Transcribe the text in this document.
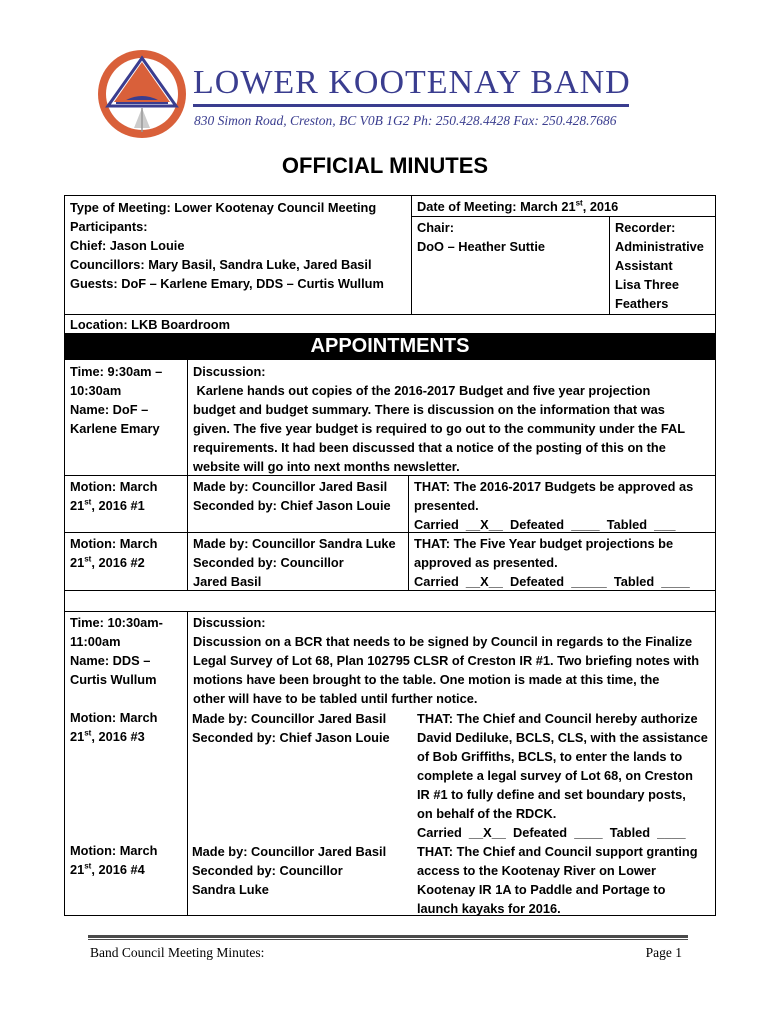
LOWER KOOTENAY BAND
830 Simon Road, Creston, BC V0B 1G2 Ph: 250.428.4428 Fax: 250.428.7686
OFFICIAL MINUTES
Type of Meeting: Lower Kootenay Council Meeting
Participants:
Chief: Jason Louie
Councillors: Mary Basil, Sandra Luke, Jared Basil
Guests: DoF – Karlene Emary, DDS – Curtis Wullum
Date of Meeting: March 21st, 2016
Chair:
DoO – Heather Suttie
Recorder:
Administrative
Assistant
Lisa Three
Feathers
Location: LKB Boardroom
APPOINTMENTS
Time: 9:30am –
10:30am
Name: DoF –
Karlene Emary
Discussion:
Karlene hands out copies of the 2016-2017 Budget and five year projection
budget and budget summary. There is discussion on the information that was
given. The five year budget is required to go out to the community under the FAL
requirements. It had been discussed that a notice of the posting of this on the
website will go into next months newsletter.
Motion: March
21st, 2016 #1
Made by: Councillor Jared Basil
Seconded by: Chief Jason Louie
THAT: The 2016-2017 Budgets be approved as
presented.
Carried  __X__  Defeated  ____  Tabled  ___
Motion: March
21st, 2016 #2
Made by: Councillor Sandra Luke
Seconded by: Councillor
Jared Basil
THAT: The Five Year budget projections be
approved as presented.
Carried  __X__  Defeated  _____  Tabled  ____
Time: 10:30am-
11:00am
Name: DDS –
Curtis Wullum
Motion: March
21st, 2016 #3
Motion: March
21st, 2016 #4
Discussion:
Discussion on a BCR that needs to be signed by Council in regards to the Finalize
Legal Survey of Lot 68, Plan 102795 CLSR of Creston IR #1. Two briefing notes with
motions have been brought to the table. One motion is made at this time, the
other will have to be tabled until further notice.
Made by: Councillor Jared Basil
Seconded by: Chief Jason Louie
THAT: The Chief and Council hereby authorize
David Dediluke, BCLS, CLS, with the assistance
of Bob Griffiths, BCLS, to enter the lands to
complete a legal survey of Lot 68, on Creston
IR #1 to fully define and set boundary posts,
on behalf of the RDCK.
Carried  __X__  Defeated  ____  Tabled  ____
Made by: Councillor Jared Basil
Seconded by: Councillor
Sandra Luke
THAT: The Chief and Council support granting
access to the Kootenay River on Lower
Kootenay IR 1A to Paddle and Portage to
launch kayaks for 2016.
Band Council Meeting Minutes:	Page 1
